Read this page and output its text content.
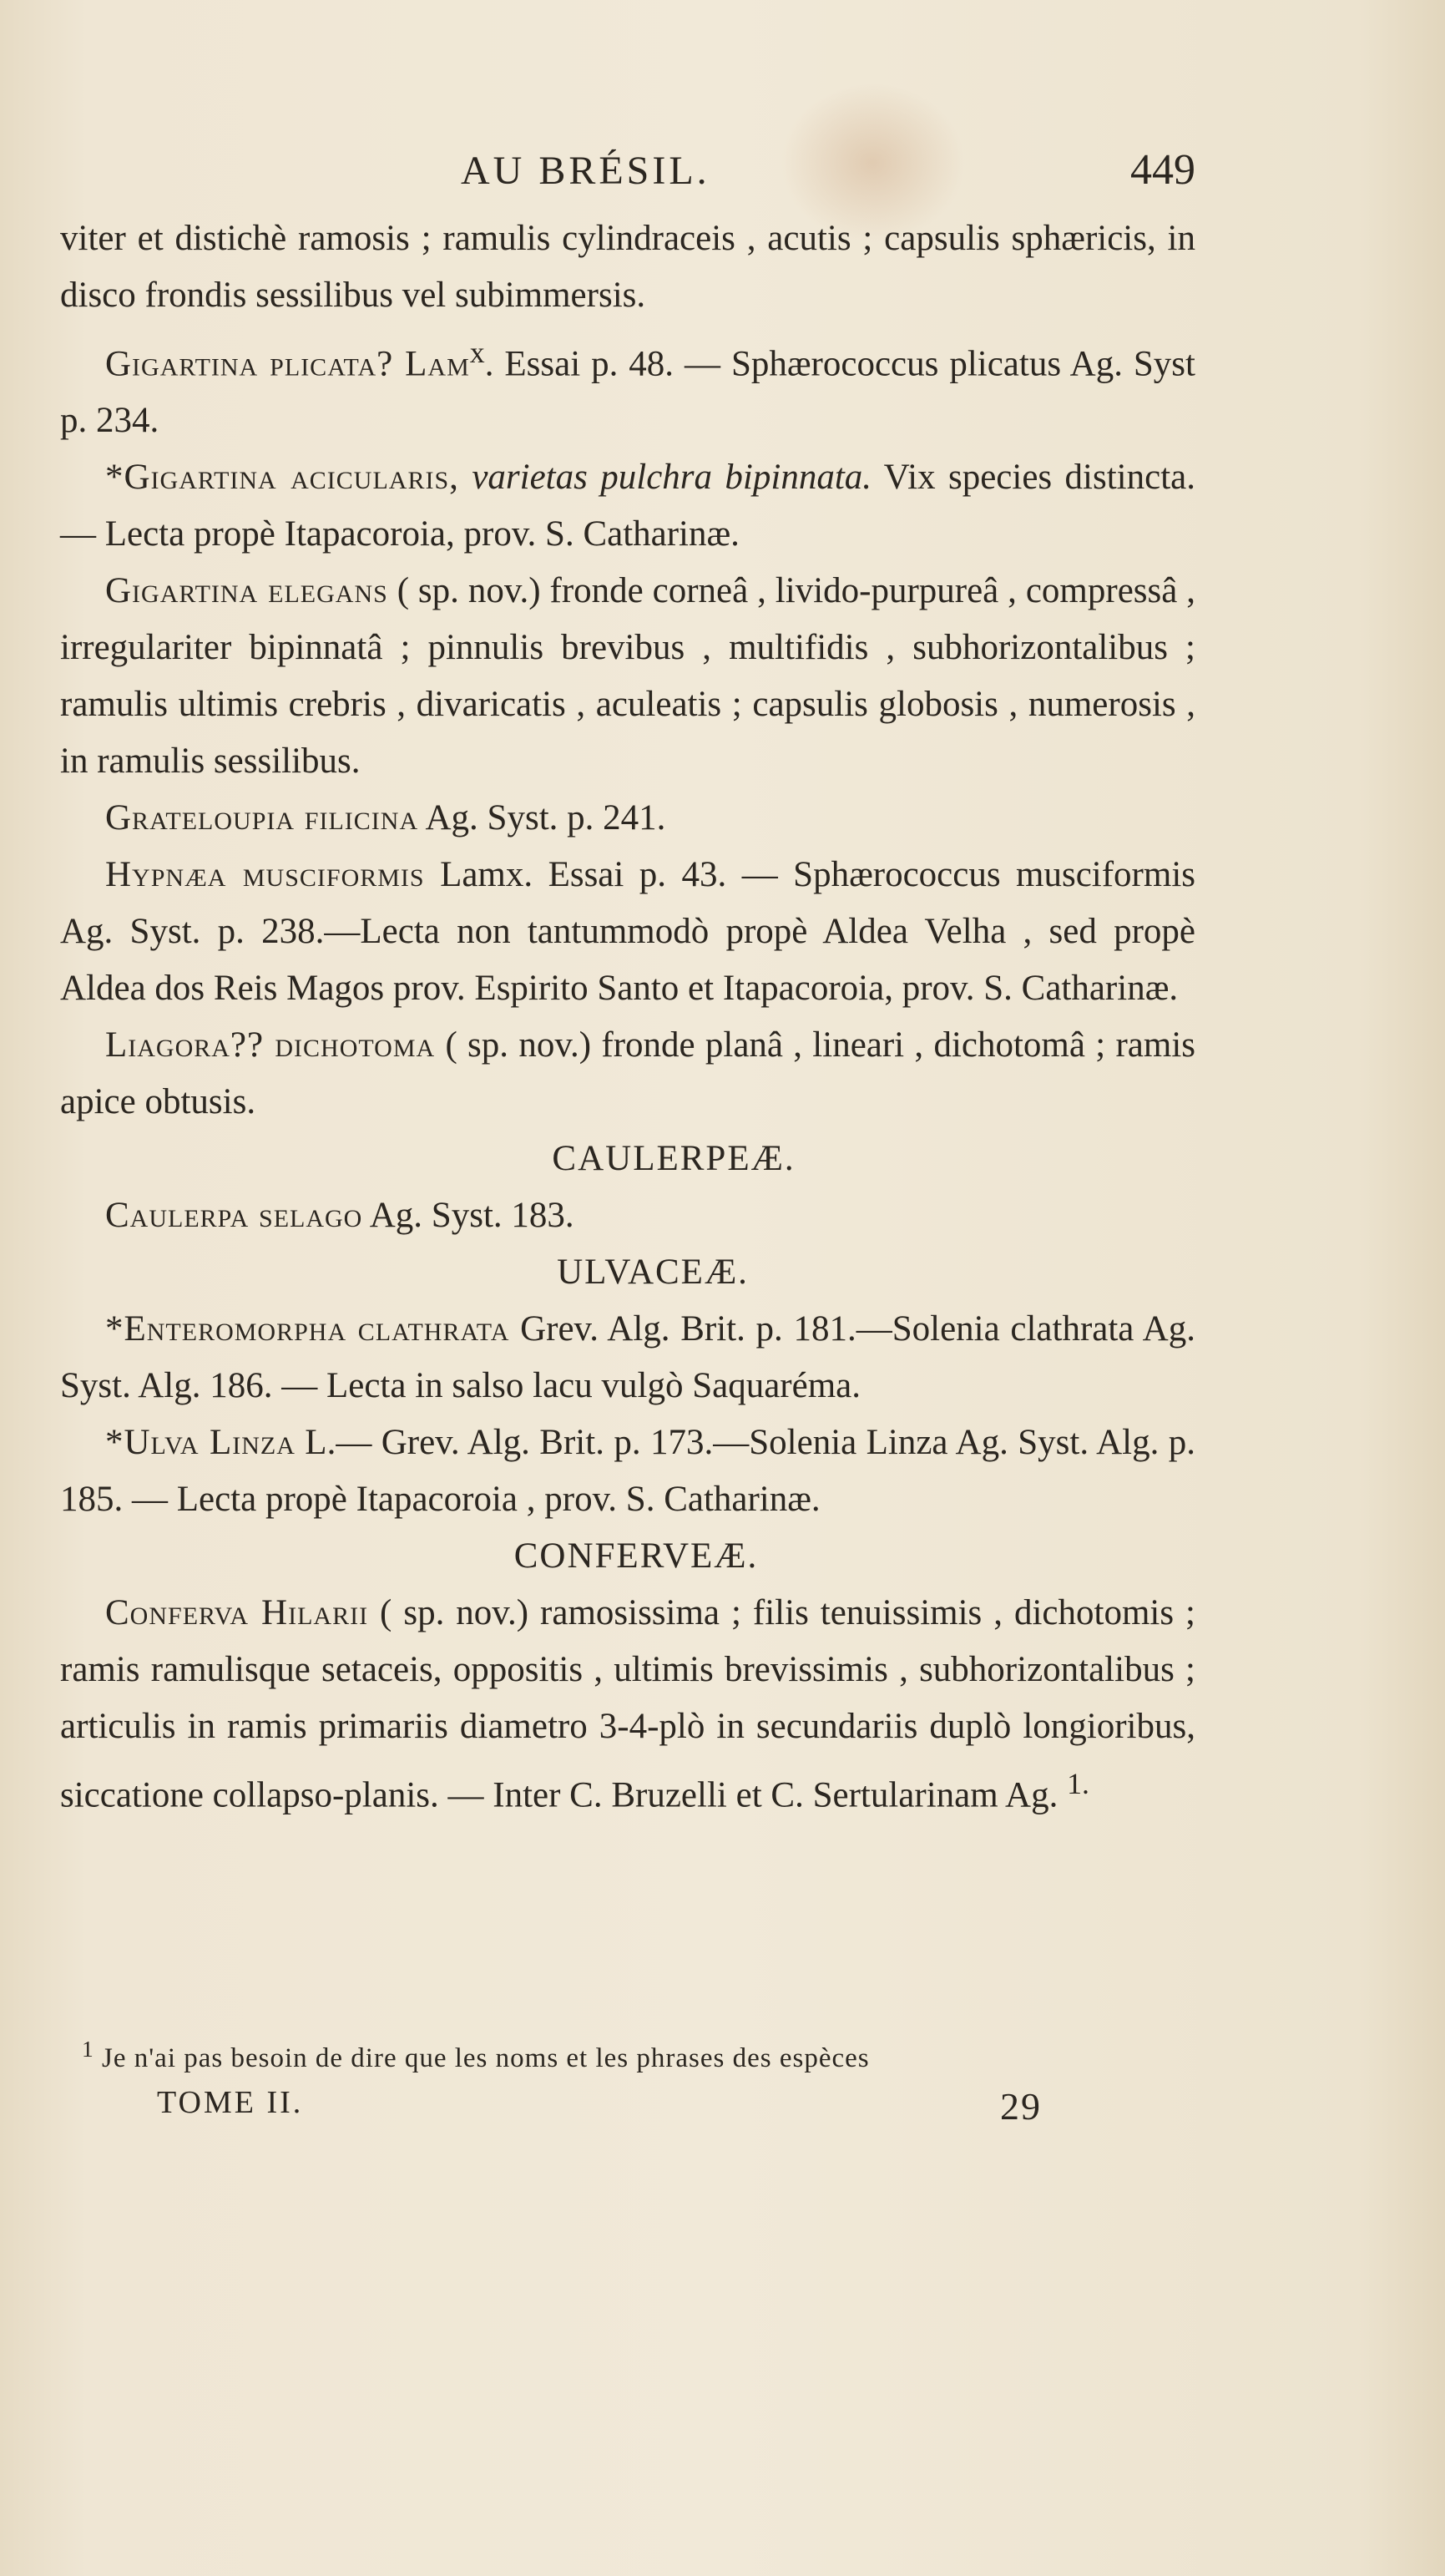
AU BRÉSIL.	449

viter et distichè ramosis ; ramulis cylindraceis , acutis ; capsulis sphæricis, in disco frondis sessilibus vel subimmersis.

Gigartina plicata? Lam$^x$. Essai p. 48. — Sphærococcus plicatus Ag. Syst p. 234.

*Gigartina acicularis, varietas pulchra bipinnata. Vix species distincta.— Lecta propè Itapacoroia, prov. S. Catharinæ.

Gigartina elegans ( sp. nov.) fronde corneâ , livido-purpureâ , compressâ , irregulariter bipinnatâ ; pinnulis brevibus , multifidis , subhorizontalibus ; ramulis ultimis crebris , divaricatis , aculeatis ; capsulis globosis , numerosis , in ramulis sessilibus.

Grateloupia filicina Ag. Syst. p. 241.

Hypnæa musciformis Lamx. Essai p. 43. — Sphærococcus musciformis Ag. Syst. p. 238.—Lecta non tantummodò propè Aldea Velha , sed propè Aldea dos Reis Magos prov. Espirito Santo et Itapacoroia, prov. S. Catharinæ.

Liagora?? dichotoma ( sp. nov.) fronde planâ , lineari , dichotomâ ; ramis apice obtusis.

CAULERPEÆ.

Caulerpa selago Ag. Syst. 183.

ULVACEÆ.

*Enteromorpha clathrata Grev. Alg. Brit. p. 181.—Solenia clathrata Ag. Syst. Alg. 186. — Lecta in salso lacu vulgò Saquaréma.

*Ulva Linza L.— Grev. Alg. Brit. p. 173.—Solenia Linza Ag. Syst. Alg. p. 185. — Lecta propè Itapacoroia , prov. S. Catharinæ.

CONFERVEÆ.

Conferva Hilarii ( sp. nov.) ramosissima ; filis tenuissimis , dichotomis ; ramis ramulisque setaceis, oppositis , ultimis brevissimis , subhorizontalibus ; articulis in ramis primariis diametro 3-4-plò in secundariis duplò longioribus, siccatione collapso-planis. — Inter C. Bruzelli et C. Sertularinam Ag. $^{1.}$

$^1$ Je n'ai pas besoin de dire que les noms et les phrases des espèces
TOME II.	29
